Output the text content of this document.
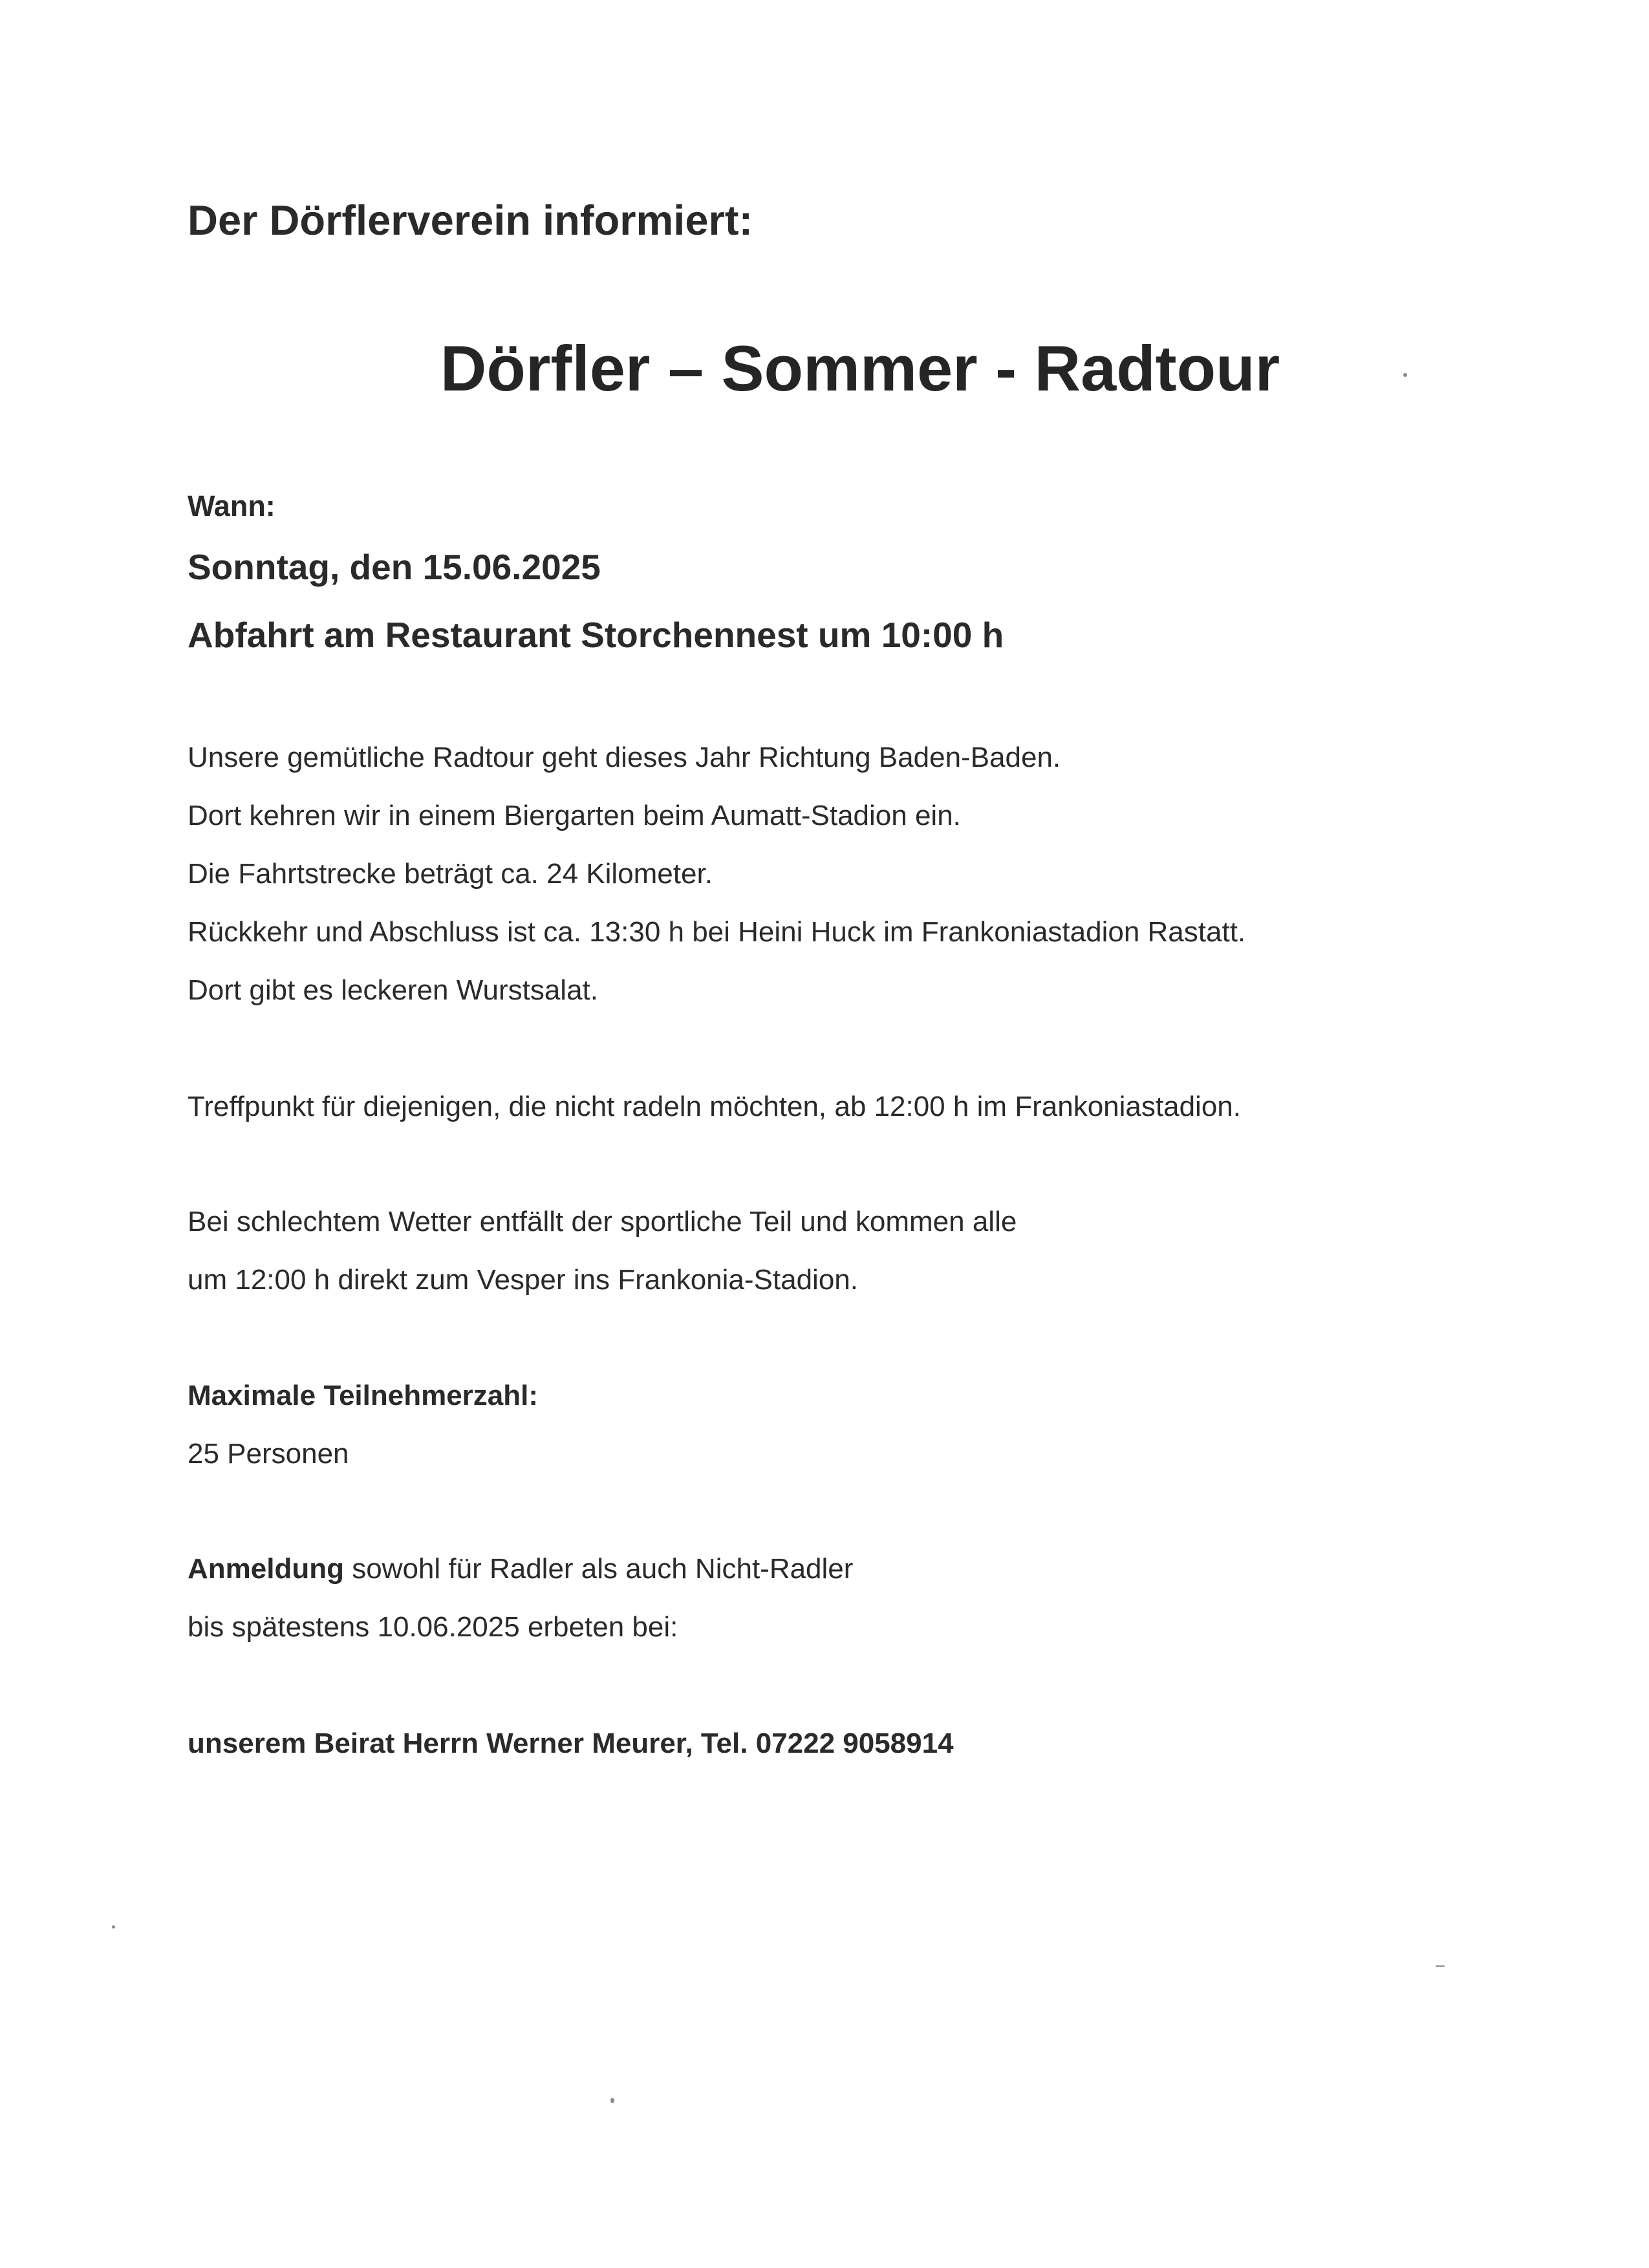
Der Dörflerverein informiert:

Dörfler – Sommer - Radtour

Wann:

Sonntag, den 15.06.2025

Abfahrt am Restaurant Storchennest um 10:00 h

Unsere gemütliche Radtour geht dieses Jahr Richtung Baden-Baden.

Dort kehren wir in einem Biergarten beim Aumatt-Stadion ein.

Die Fahrtstrecke beträgt ca. 24 Kilometer.

Rückkehr und Abschluss ist ca. 13:30 h bei Heini Huck im Frankoniastadion Rastatt.

Dort gibt es leckeren Wurstsalat.

Treffpunkt für diejenigen, die nicht radeln möchten, ab 12:00 h im Frankoniastadion.

Bei schlechtem Wetter entfällt der sportliche Teil und kommen alle

um 12:00 h direkt zum Vesper ins Frankonia-Stadion.

Maximale Teilnehmerzahl:

25 Personen

Anmeldung sowohl für Radler als auch Nicht-Radler

bis spätestens 10.06.2025 erbeten bei:

unserem Beirat Herrn Werner Meurer, Tel. 07222 9058914
